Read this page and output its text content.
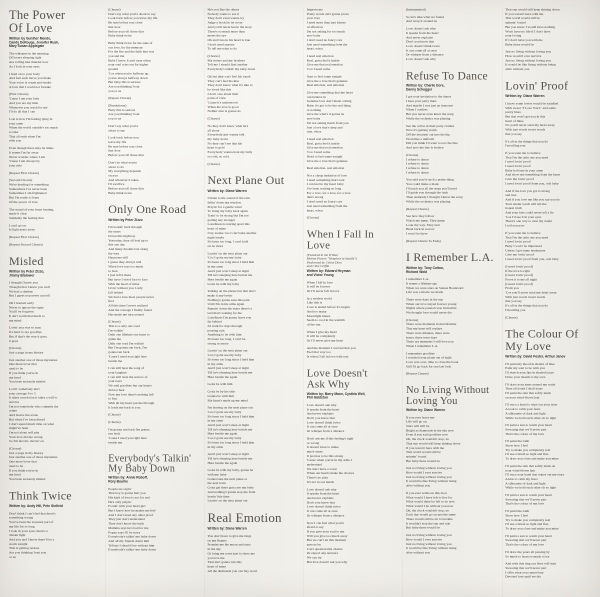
The Power
Of Love
Written by Gunther Mende,
Candy DeRouge, Jennifer Rush,
Mary Susan Applegate
The whispers in the morning
Of lovers sleeping tight
Are rolling like thunder now
As I look in your eyes
I hold on to your body
And feel each move you make
Your voice is warm and tender
A love that I could not forsake
(First Chorus)
'Cause I am your lady
And you are my man
Whenever you reach for me
I'll do all that I can
Lost is how I'm feeling lying in
your arms
When the world outside's too much
to take
That all ends when I'm
with you
Even though there may be times
It seems I'm far away
Never wonder where I am
'Cause I am always by
your side
(Repeat First Chorus)
(Second Chorus)
We're heading for something
Somewhere I've never been
Sometimes I am frightened
But I'm ready to learn
Of the power of love
The sound of your heart beating,
made it clear
Suddenly the feeling that
I can't go on
Is light years away
(Repeat First Chorus)
(Repeat Second Chorus)
Misled
Written by Peter Zizzo,
Jimmy Bralower
I thought I knew you
Thought that I knew you well
We had a rhythm
But I guess you never can tell
Oh I learned early
Never to ignore the signs
You'll be forgiven
It ain't worth that much to
my mind
Lovin' you was so easy
It's hard to say goodbye
But if that's the way it goes,
it goes
(Chorus)
Just a page in my history
Just another one of those mysteries
One more lover that
used to be
If you think you're in
my head
You been seriously misled
Lovin' somebody ain't
your average 9 to 5
It takes conviction it takes a will to
survive
I'm not somebody who commits the
crime
And leaves the scene
But when I've been dissed
I don't spend much time on what
might've been
I'm not about self pity
Your love did me wrong
So I'm movin', movin' on
(Chorus)
Just a page in my history
Just another one of those mysteries
One more lover that
used to be
If you think you're in
my head
You been seriously misled
Think Twice
Written by: Andy Hill, Pete Sinfield
Don't think I can't feel that there's
something wrong
You've been the sweetest part of
my life for so long
I look in your eyes, there's a
distant light
And you and I know there'll be a
storm tonight
This is getting serious
Are you thinking 'bout you
or us
(Chorus)
Don't say what you're about to say
Look back before you leave my life
Be sure before you close
that door
Before you roll those dice
Baby think twice
Baby think twice for the sake of
our love, for the memory
For the fire and the faith that was
you and me
Babe I know it ain't easy when
your soul cries out for higher
ground
'Cos when you're halfway up,
you're always halfway down
But baby this is serious
Are you thinking 'bout
you or us
(Repeat Chorus)
(Breakdown)
Baby this is serious
Are you thinking 'bout
you or us
Don't say what you're
about to say
Look back before you
leave my life
Be sure before you close
that door
Before you roll those dice
Don't do what you're
about to do
My everything depends
on you
And whatever it takes,
I'll sacrifice
Before you roll those dice
Baby think twice
Only One Road
Written by Peter Zizzo
I'm lookin' back through
the years
Down this highway
Yesterday, they all lead up to
this one day
And many dreams lost along
the way
Haunt me still
I guess they always will
When love was too much
to bear
I just left it there
But have I stood face to face
With the heart of mine
Livin' without you I only
fall behind
We had a love most people never
find
All this time I never realized
And the courage I finally found
Has made me turn around
(Chorus)
This is a only one road
I'm walkin'
Only one lifetime one heart to
guide me
Only one road I'm walkin'
But I'm gonna run back, I'm
gonna run back
'Cause I need you right here
beside me
I can still hear the song of
your laughter
I can still taste the sorrow of
your tears
We said goodbye but our hearts
did not hear
Now my love there's nothing left
to fear
With all my heart put me through
It leads me back to you
(Chorus)
(Chorus)
I'm gonna run back I'm gonna
run back
'Cause I need you right here
beside me
Everybody's Talkin'
My Baby Down
Written by: Annie Roboff,
Rory Bourke
People are sayin'
That boy is gonna hurt you
His kind of love is not for real
He's only playin'
Foolin' with your heart girl
But I know how he makes me feel
And I don't need any other proof
They just don't understand
They don't know the truth
Mamma says he's bad for me
Poppa says I'll be sorry
Everybody's talkin' my baby down
And all my friends doubt him
Tell me I should live without him
Everybody's talkin' my baby down
He's not like the others
Nobody wants to see it
They don't even wanna try
Judge a book by its cover
And you'll never know the story
There's so much more than
meets the eye
Oh and I know his heart is true
I don't need anyone
To tell me what to do
(Chorus)
My sisters and my brothers
Tell me I should find another
Everybody's talkin' my baby down
Oh but they can't feel his touch
They can't feel his kiss
They don't know what it's like to
be loved like this
I don't care about their
point of view
'Cause it's understood
When the love is good
Nothin' else is gonna do
(Chorus)
No they don't know what he's
all about
Everybody just wanna talk
my baby down
No they can't see that his
heart is gold
Everybody wanna treat my baby
so cold, so cold
(Chorus)
Next Plane Out
Written by: Diane Warren
I listen to the sound of the rain
fallin' down my window
Prayin' for a gentle wind
To bring my baby back again
Tryin' to be strong but I'm not
getting any stronger
Loneliness is tearing apart this
heart of mine
I lay awake 'cos I can't take another
night lonely
It's been too long, I can't hold
on no more
Leavin' on the next plane out
'Cos I gotta see my baby
It's been too long since I held him
in my arms
And I just won't sleep at night
Till he's sleeping here beside me
Here beside me again
Gotta be with my baby
Talking on the phone but that don't
make it any better
Nothing's gonna ease this pain
Until I'm in his arms again
Runnin' down the stairs there's a
taxi that's waiting for me
Loneliness I'm gonna leave you
far behind
I'd walk for days through
pouring rain
Anything to be with him
It's been too long, I can't be
strong no more
Leavin' on the next plane out
'Cos I gotta see my baby
It's been too long since I held him
in my arms
And I just won't sleep at night
Till he's sleeping here beside me
Here beside me again
Gotta be with him
Gotta be by his side
Gonna be with him
My heart's made up my mind
I'm leaving on the next plane out
'Cos I gotta see my baby
It's been too long since I held him
in my arms
And I just won't sleep at night
Till he's sleeping here beside me
Here beside me again
'Cos I gotta see my baby
It's been too long since I held him
in my arms
And I just won't sleep at night
Till he's sleeping here beside me
Here beside me again
Gotta be with my baby, gonna be
with my baby
Gonna take the next plane or
the next train
Gotta get there gotta see my baby
And nothing's gonna stop me from
leavin' this time
Leavin' on the next plane out
Real Emotion
Written by: Diane Warren
You don't have to give me rings
on my fingers
Promise me the moon and stars
in the sky
Or bring me roses just to show me
you love me
That ain't gonna win this
heart of mine
All the diamonds you can buy won't
Impress me
Pretty words ain't gonna prove
your love
I need more than just tokens
of affection
I'm not asking for too much
now baby
I don't need no fancy cars
Just need something from the
heart, whoa
I need real emotion
Real, gotta feel it inside
Give me that real emotion
'Cos I need some
Start to feel some tonight
Give me a love that's genuine
Real emotion, real emotion
Give me something that my heart
can believe in
Genuine love don't mean a thing
Baby it's got to be the real thing
or nothing
Give me what's it gonna be
now baby
I'm not asking much from you
Just a love that's deep and
true, whoa
I need real emotion
Real, gotta feel it inside
Give me that real emotion
'Cos I need some
Need to feel some tonight
Give me a love that's genuine
Real emotion, real emotion
Not a cheap imitation of love
I need something that's real
I can feel in my heart baby
I've been waiting so long
For a love, for a love, for a love
that's strong
I don't need no fancy cars
Just need something from the
heart, whoa
(Chorus)
When I Fall In
Love
(Featured in the TriStar
Motion Picture "Sleepless in Seattle")
Performed by Celine Dion
and Clive Griffin
Written by: Edward Heyman
and Victor Young
When I fall in love
It will be forever
Or I'll never fall in love
In a restless world
Like this is
Love is ended before it's begun
And too many
Moonlight kisses
Seem to cool in the warmth
of the sun
When I give my heart
It will be completely
Or I'll never give my heart
And the moment I can feel that you
Feel that way too
Is when I fall in love with you
Love Doesn't
Ask Why
Written by: Barry Mann, Cynthia Weil,
Phil Galdston
Love doesn't ask why
It speaks from the heart
And never explains
Don't you know that
Love doesn't think twice
It can come all at once
Or whisper from a distance
Don't ask me if this feeling's right
or wrong
It doesn't have to make
much sense
It just has to be this strong
'Cause when you're in my arms I
understand
We don't have a voice
When our hearts make the choices
There's no plan
It's not in our hands
Love doesn't ask why
It speaks from the heart
And never explains
Don't you know that
Love doesn't think twice
It can come all at once
Or whisper from a distance
Now I can feel what you're
afraid to say
If you give your soul to me
Will you give too much away
But we can't let this moment
pass us by
Can't question this chance
Or expect any answers
We can try
But love doesn't ask you why
(Instrumental)
So let's take what we found
And wrap it around us
Love doesn't ask why
It speaks from the heart
And never explains
Don't you know that
Love doesn't think twice
It can come all at once
Or whisper from a distance
Love doesn't ask why
Refuse To Dance
Written by: Charlie Dore,
Danny Schogger
I got your invitation to the dance
I hear your party lines
And maybe I was just an innocent
When I confess
But you never even knew the song
While the orchestra was playing
See the cellos in their party clothes
Now it's getting warm
Off the decanter cut into the hip
Worn like a uniform
Did you think I'd want to tow the line
And now the line is broken
(Chorus)
I refuse to dance
I refuse to dance
I refuse to dance
I refuse to dance
You said you're such a pretty thing
You could make a mark
I'll teach you all the steps you'll need
I'll guide you through the dark
Then suddenly I thought I knew the song
While the orchestra was playing
(Repeat Chorus)
See how they follow
Watch my jump. They jump
Look my way. They turn
Head back in sorrow
I won't be there
(Repeat Chorus To Fade)
I Remember L.A.
Written by: Tony Colton,
Richard Wold
I remember L.A.
It seems a lifetime ago
When we were stars on Sunset Boulevard
Life was a movie we made
There were days in the sun
When our love stayed forever young
Nights where passion was invincible
We thought love would never die
(Chorus)
There were moments in that lifetime
That my heart still replays
There were minutes, there were
hours, there were days
There are moments I still love you
When I remember L.A.
I remember goodbye
I watched your plane out of sight
Love was over, time to close the book
Still I'd go back for one last look
(Repeat Chorus)
No Living Without
Loving You
Written by: Diane Warren
If you ever leave me
Life will go on
Stars will still be
Bright as diamonds in the sky now
Even if you said goodbye now
Oh, the clock wouldn't stop, no
That sun would still keep shining down
If you weren't here with me
This world would still be
spinnin' 'round
But baby there would be
Just no living without loving you
How would I ever survive
Just no living without loving you
It would be like living without being
alive without you
If you ever walk out this door
What would I have left to live for
What would there be left to do now
What would I be without you now
Oh, the clock wouldn't stop, no
Each day would go on just the same
There would still be air to breathe
It wouldn't stop the sun and rain
But baby there would be
Just no living without loving you
How would I ever survive
Just no living without loving you
It would be like living without being
alive without you
That sun would still keep shining down
If you weren't here with me
This world would still be
spinnin' 'round
But you know I would have nothing
Won't have no life if I don't have
your loving
If I don't have you with me
Baby there would be
Just no living without loving you
How would I ever survive
Just no living without loving you
It would be like living without being
alive without you
Lovin' Proof
Written by: Diane Warren
I know some lovers would be satisfied
With sweet "I Love You's" and some
pretty lines
But that won't get you in this
heart of mine
No you'll never steal my heart away
With just words sweet words
that you say
It's all in the things that you do
I'm telling you
If you want me to believe
That I'm the only one you need
I need lovin' proof
I need lovin' proof
Baby hold me in your arms
And show me something from the heart
Give me lovin' proof
I need lovin' proof from you, ooh baby
And if the love you got is strong
and true
And if you love me like you say you do
Your tender touch will tell the
honest truth
And your kiss could never tell a lie
'Cos I'd see it in your eyes
There's one way to ease my doubt
I tell you now
If you want me to believe
That I'm the only one you need
I need lovin' proof
Baby I won't be impressed
Unless I get some tenderness
Give me lovin' proof
I need lovin' proof from you, ooh baby
(I need lovin' proof)
If the love is right
(I need lovin' proof)
Prove it to me all night
(I need lovin' proof)
From you
'Cos you'll never steal my heart away
With just words sweet words
that you say
It's all in the things that you do
I'm telling you
(Chorus)
The Colour Of
My Love
Written by: David Foster, Arthur Janov
I'll paint my mood in shades of blue
Paint my soul to be with you
I'll sketch your lips in shaded tones
Draw your mouth to my own
I'll draw your arms around my waist
Then all doubt I shall erase
I'll paint the rain that softly lands
on your wind-blown hair
I'll trace a hand to wipe out your tears
A look to calm your fears
A silhouette of dark and light
While we hold each other oh so tight
I'll paint a sun to warm your heart
Swearing that we'll never part
That's the colour of my love
I'll paint the truth
Show how I feel
Try to make you completely real
I'll use a brush so light and fine
To draw you close and make you mine
I'll paint the rain that softly lands on
your wind-blown hair
I'll trace your hand that wipes out my tears
A kiss to calm my fears
A silhouette of dark and light
While we hold each other oh so tight
I'll paint a sun to warm your heart
Swearing that we'll never part
That's the colour of my love
I'll paint the truth
Show how I feel
Try to make you completely real
I'll use a brush so light and fine
To draw you close and make you mine
I'll paint a sun to warm your heart
Swearing that we'll never part
That's the colour of my love
I'll draw the years all passing by
So much to learn so much to try
And with this ring our lives will start
Swearing that we'll never part
I offer what you cannot buy
Devoted love until we die
